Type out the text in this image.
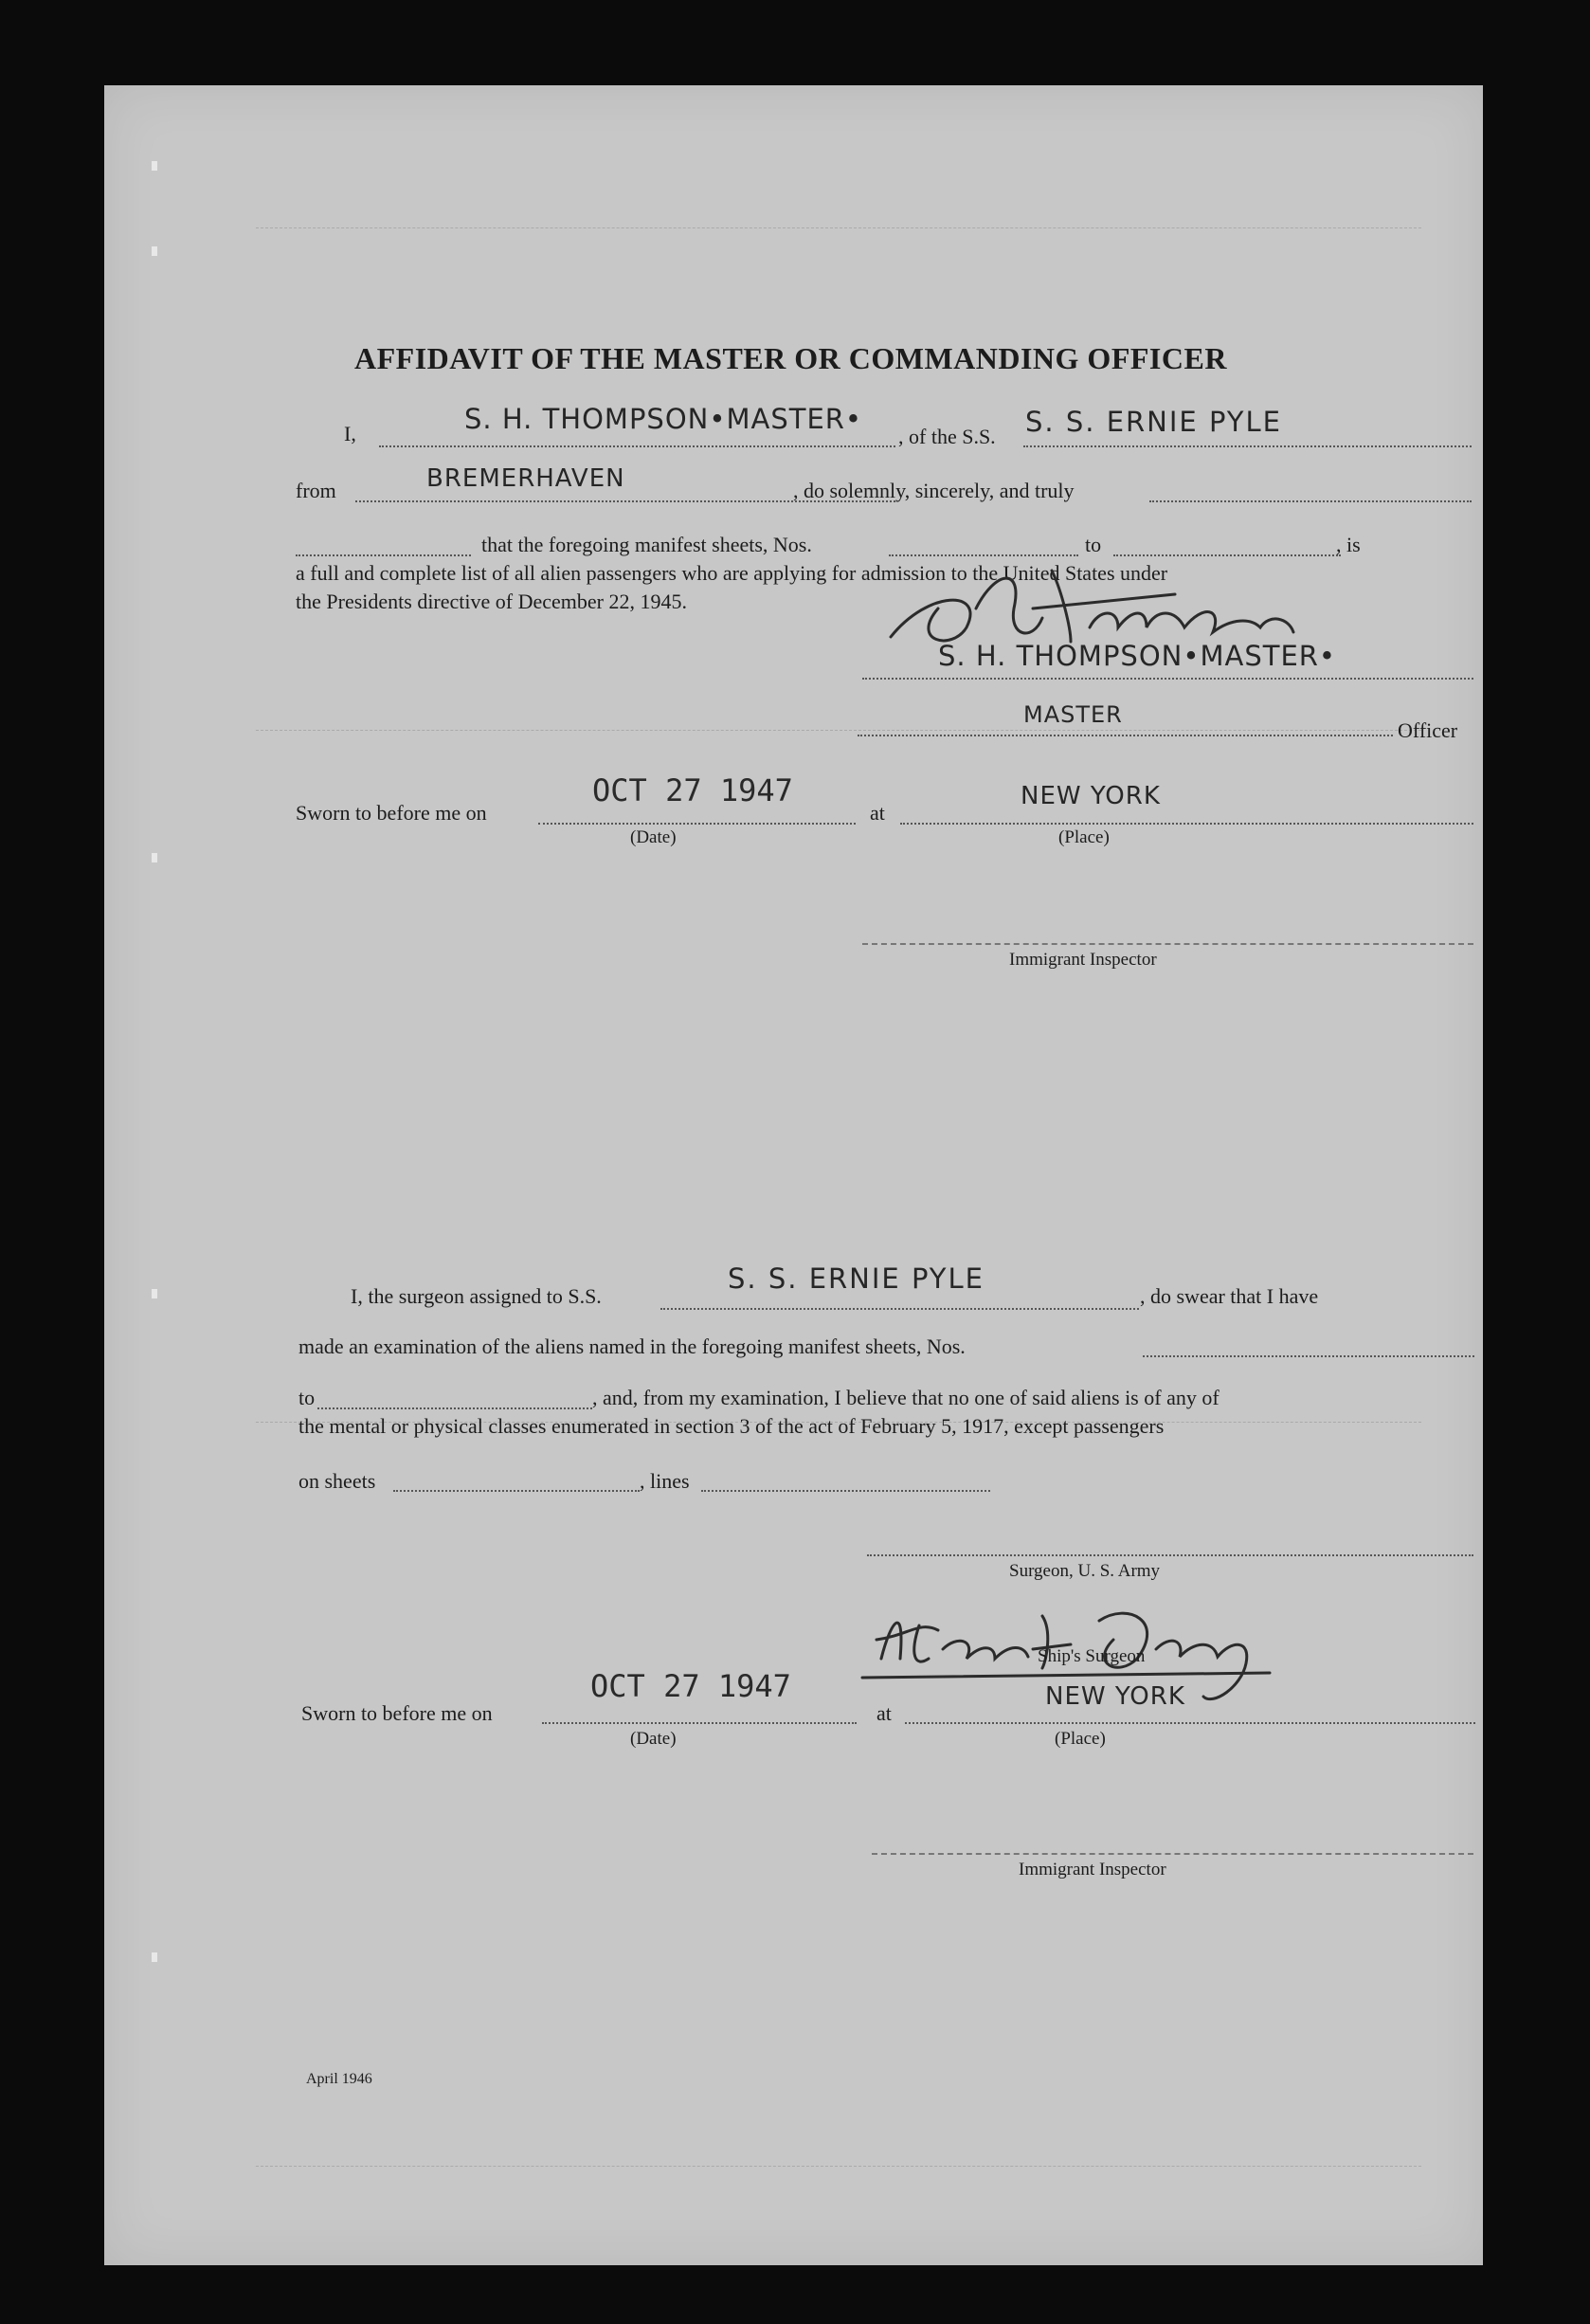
AFFIDAVIT OF THE MASTER OR COMMANDING OFFICER
I,	S. H. THOMPSON•MASTER•
, of the S.S. S. S. ERNIE PYLE
from	BREMERHAVEN	, do solemnly, sincerely, and truly
that the foregoing manifest sheets, Nos.	to	, is
a full and complete list of all alien passengers who are applying for admission to the United States under
the Presidents directive of December 22, 1945.
S. H. THOMPSON•MASTER•
MASTER
Officer
Sworn to before me on
OCT 27 1947
at
NEW YORK
(Date)	(Place)
Immigrant Inspector
I, the surgeon assigned to S.S.
S. S. ERNIE PYLE
, do swear that I have
made an examination of the aliens named in the foregoing manifest sheets, Nos.
to	, and, from my examination, I believe that no one of said aliens is of any of
the mental or physical classes enumerated in section 3 of the act of February 5, 1917, except passengers
on sheets	, lines
Surgeon, U. S. Army
Ship's Surgeon
Sworn to before me on
OCT 27 1947
at
NEW YORK
(Date)	(Place)
Immigrant Inspector
April 1946
